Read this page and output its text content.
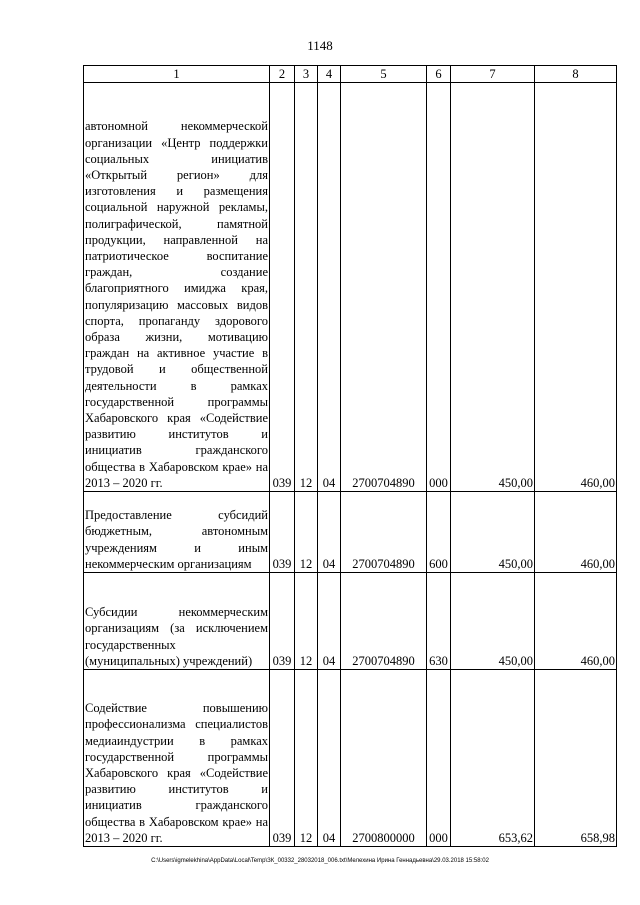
1148
1	2	3	4	5	6	7	8

автономной некоммерческой организации «Центр поддержки социальных инициатив «Открытый регион» для изготовления и размещения социальной наружной рекламы, полиграфической, памятной продукции, направленной на патриотическое воспитание граждан, создание благоприятного имиджа края, популяризацию массовых видов спорта, пропаганду здорового образа жизни, мотивацию граждан на активное участие в трудовой и общественной деятельности в рамках государственной программы Хабаровского края «Содействие развитию институтов и инициатив гражданского общества в Хабаровском крае» на 2013 – 2020 гг.	039	12	04	2700704890	000	450,00	460,00

Предоставление субсидий бюджетным, автономным учреждениям и иным некоммерческим организациям	039	12	04	2700704890	600	450,00	460,00

Субсидии некоммерческим организациям (за исключением государственных (муниципальных) учреждений)	039	12	04	2700704890	630	450,00	460,00

Содействие повышению профессионализма специалистов медиаиндустрии в рамках государственной программы Хабаровского края «Содействие развитию институтов и инициатив гражданского общества в Хабаровском крае» на 2013 – 2020 гг.	039	12	04	2700800000	000	653,62	658,98
C:\Users\igmelekhina\AppData\Local\Temp\ЗК_00332_28032018_006.txt\Мелехина Ирина Геннадьевна\29.03.2018 15:58:02
